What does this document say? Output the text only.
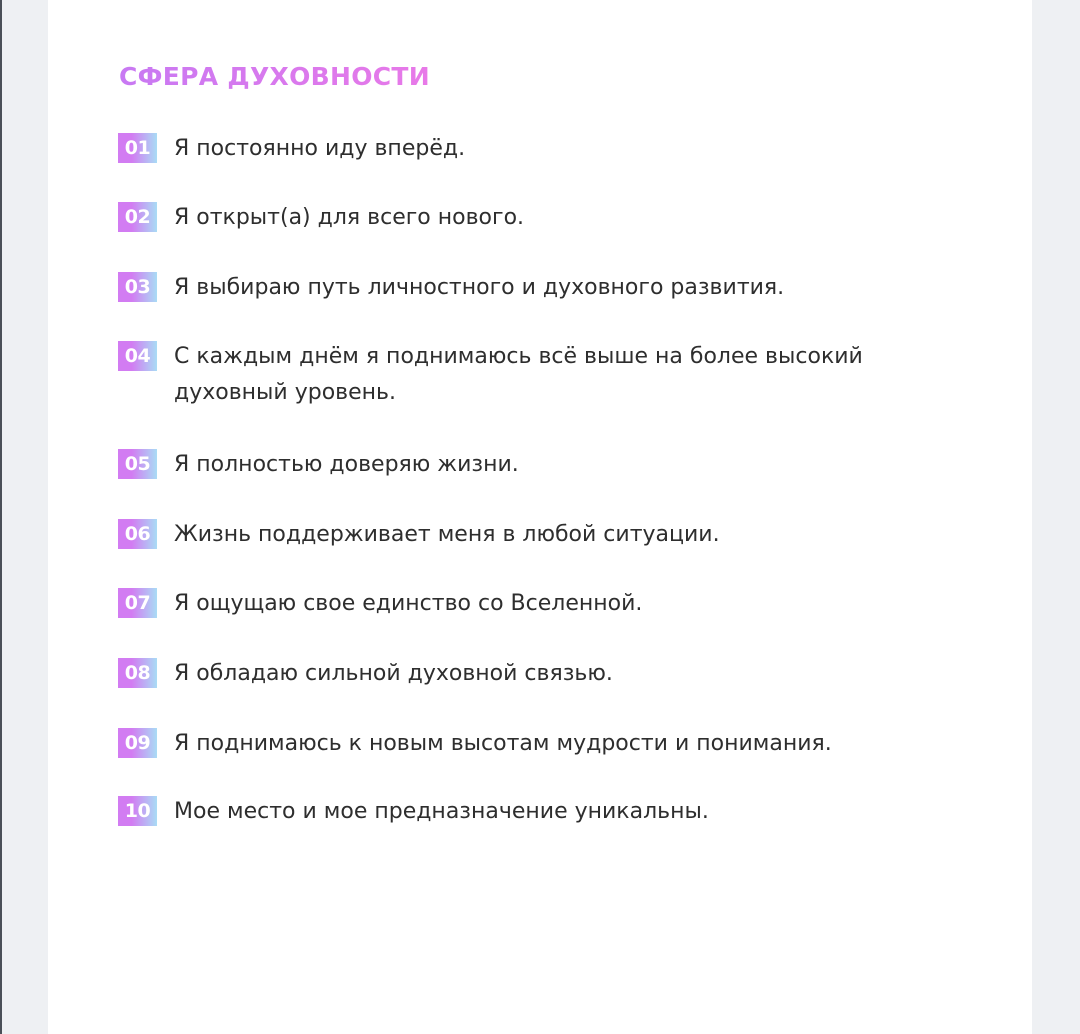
СФЕРА ДУХОВНОСТИ
01	Я постоянно иду вперёд.
02	Я открыт(а) для всего нового.
03	Я выбираю путь личностного и духовного развития.
04	С каждым днём я поднимаюсь всё выше на более высокий
духовный уровень.
05	Я полностью доверяю жизни.
06	Жизнь поддерживает меня в любой ситуации.
07	Я ощущаю свое единство со Вселенной.
08	Я обладаю сильной духовной связью.
09	Я поднимаюсь к новым высотам мудрости и понимания.
10	Мое место и мое предназначение уникальны.
